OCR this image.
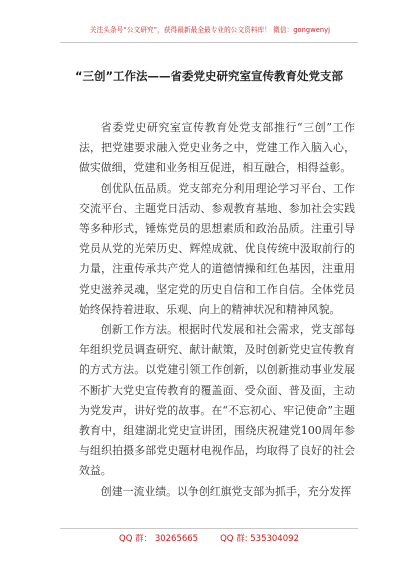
关注头条号“公文研究”，获得最新最全最专业的公文资料库！ 微信：gongwenyj
“三创”工作法——省委党史研究室宣传教育处党支部

省委党史研究室宣传教育处党支部推行“三创”工作法，把党建要求融入党史业务之中，党建工作入脑入心，做实做细，党建和业务相互促进，相互融合，相得益彰。

创优队伍品质。党支部充分利用理论学习平台、工作交流平台、主题党日活动、参观教育基地、参加社会实践等多种形式，锤炼党员的思想素质和政治品质。注重引导党员从党的光荣历史、辉煌成就、优良传统中汲取前行的力量，注重传承共产党人的道德情操和红色基因，注重用党史滋养灵魂，坚定党的历史自信和工作自信。全体党员始终保持着进取、乐观、向上的精神状况和精神风貌。

创新工作方法。根据时代发展和社会需求，党支部每年组织党员调查研究、献计献策，及时创新党史宣传教育的方式方法。以党建引领工作创新，以创新推动事业发展不断扩大党史宣传教育的覆盖面、受众面、普及面，主动为党发声，讲好党的故事。在“不忘初心、牢记使命”主题教育中，组建湖北党史宣讲团，围绕庆祝建党100周年参与组织拍摄多部党史题材电视作品，均取得了良好的社会效益。

创建一流业绩。以争创红旗党支部为抓手，充分发挥

QQ 群： 30265665	QQ 群: 535304092
